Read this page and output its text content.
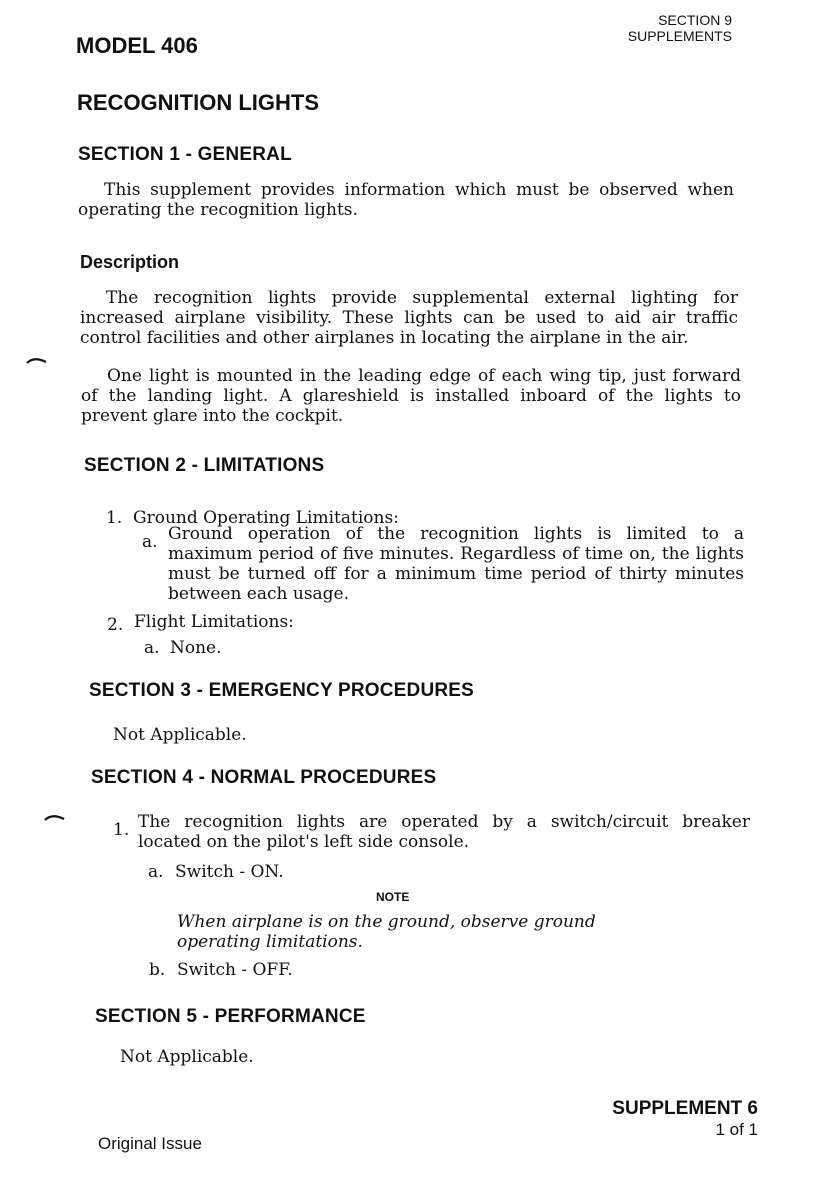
SECTION 9
SUPPLEMENTS
MODEL 406
RECOGNITION LIGHTS
SECTION 1 - GENERAL
This supplement provides information which must be observed when operating the recognition lights.
Description
The recognition lights provide supplemental external lighting for increased airplane visibility. These lights can be used to aid air traffic control facilities and other airplanes in locating the airplane in the air.
One light is mounted in the leading edge of each wing tip, just forward of the landing light. A glareshield is installed inboard of the lights to prevent glare into the cockpit.
SECTION 2 - LIMITATIONS
1. Ground Operating Limitations:
a. Ground operation of the recognition lights is limited to a maximum period of five minutes. Regardless of time on, the lights must be turned off for a minimum time period of thirty minutes between each usage.
2. Flight Limitations:
a. None.
SECTION 3 - EMERGENCY PROCEDURES
Not Applicable.
SECTION 4 - NORMAL PROCEDURES
1. The recognition lights are operated by a switch/circuit breaker located on the pilot's left side console.
a. Switch - ON.
NOTE
When airplane is on the ground, observe ground operating limitations.
b. Switch - OFF.
SECTION 5 - PERFORMANCE
Not Applicable.
SUPPLEMENT 6
1 of 1
Original Issue
